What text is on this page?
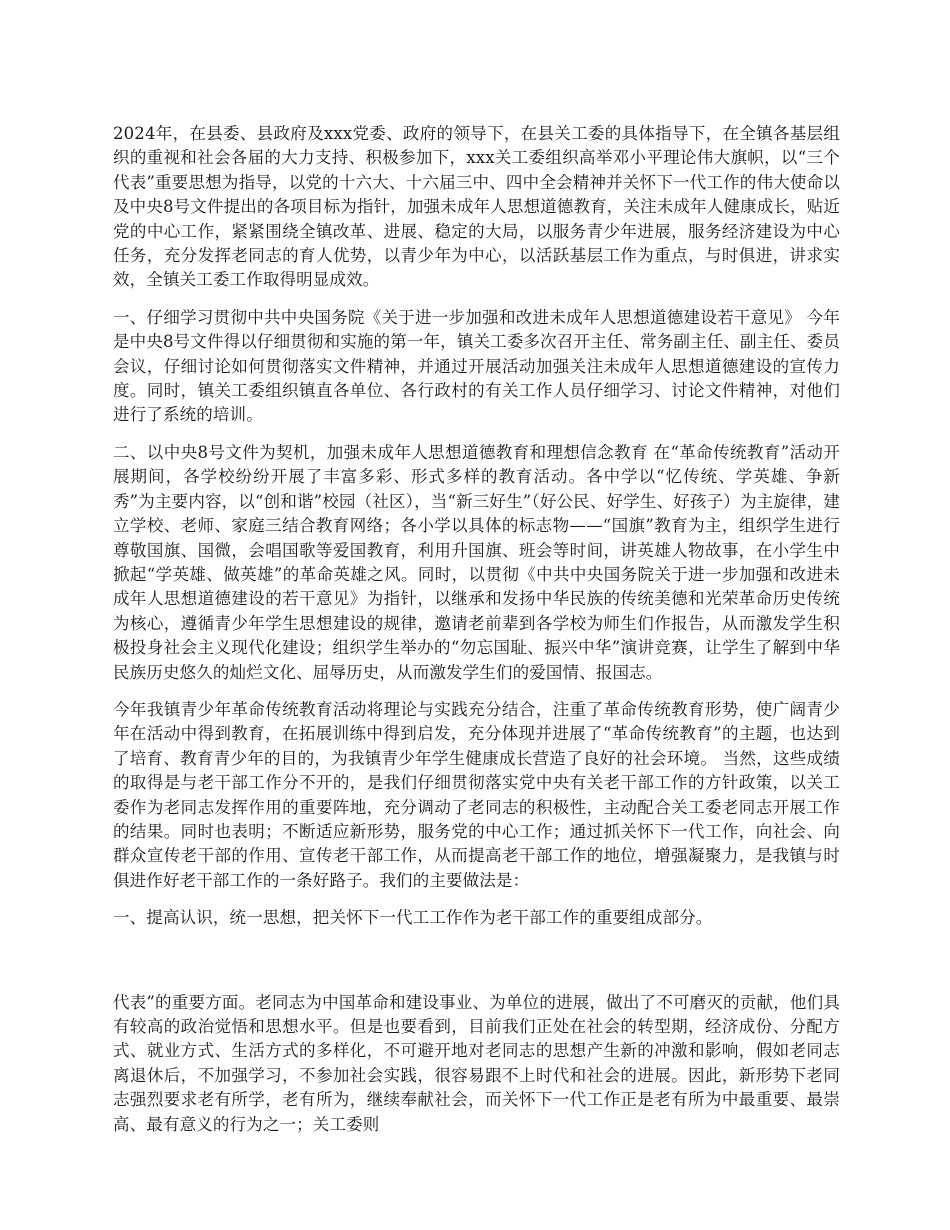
2024年，在县委、县政府及xxx党委、政府的领导下，在县关工委的具体指导下，在全镇各基层组织的重视和社会各届的大力支持、积极参加下，xxx关工委组织高举邓小平理论伟大旗帜，以“三个代表”重要思想为指导，以党的十六大、十六届三中、四中全会精神并关怀下一代工作的伟大使命以及中央8号文件提出的各项目标为指针，加强未成年人思想道德教育，关注未成年人健康成长，贴近党的中心工作，紧紧围绕全镇改革、进展、稳定的大局，以服务青少年进展，服务经济建设为中心任务，充分发挥老同志的育人优势，以青少年为中心，以活跃基层工作为重点，与时俱进，讲求实效，全镇关工委工作取得明显成效。

一、仔细学习贯彻中共中央国务院《关于进一步加强和改进未成年人思想道德建设若干意见》 今年是中央8号文件得以仔细贯彻和实施的第一年，镇关工委多次召开主任、常务副主任、副主任、委员会议，仔细讨论如何贯彻落实文件精神，并通过开展活动加强关注未成年人思想道德建设的宣传力度。同时，镇关工委组织镇直各单位、各行政村的有关工作人员仔细学习、讨论文件精神，对他们进行了系统的培训。

二、以中央8号文件为契机，加强未成年人思想道德教育和理想信念教育 在“革命传统教育”活动开展期间，各学校纷纷开展了丰富多彩、形式多样的教育活动。各中学以“忆传统、学英雄、争新秀”为主要内容，以“创和谐”校园（社区），当“新三好生”（好公民、好学生、好孩子）为主旋律，建立学校、老师、家庭三结合教育网络；各小学以具体的标志物——“国旗”教育为主，组织学生进行尊敬国旗、国微，会唱国歌等爱国教育，利用升国旗、班会等时间，讲英雄人物故事，在小学生中掀起“学英雄、做英雄”的革命英雄之风。同时，以贯彻《中共中央国务院关于进一步加强和改进未成年人思想道德建设的若干意见》为指针，以继承和发扬中华民族的传统美德和光荣革命历史传统为核心，遵循青少年学生思想建设的规律，邀请老前辈到各学校为师生们作报告，从而激发学生积极投身社会主义现代化建设；组织学生举办的“勿忘国耻、振兴中华”演讲竞赛，让学生了解到中华民族历史悠久的灿烂文化、屈辱历史，从而激发学生们的爱国情、报国志。

今年我镇青少年革命传统教育活动将理论与实践充分结合，注重了革命传统教育形势，使广阔青少年在活动中得到教育，在拓展训练中得到启发，充分体现并进展了“革命传统教育”的主题，也达到了培育、教育青少年的目的，为我镇青少年学生健康成长营造了良好的社会环境。 当然，这些成绩的取得是与老干部工作分不开的，是我们仔细贯彻落实党中央有关老干部工作的方针政策，以关工委作为老同志发挥作用的重要阵地，充分调动了老同志的积极性，主动配合关工委老同志开展工作的结果。同时也表明；不断适应新形势，服务党的中心工作；通过抓关怀下一代工作，向社会、向群众宣传老干部的作用、宣传老干部工作，从而提高老干部工作的地位，增强凝聚力，是我镇与时俱进作好老干部工作的一条好路子。我们的主要做法是：

一、提高认识，统一思想，把关怀下一代工工作作为老干部工作的重要组成部分。

代表”的重要方面。老同志为中国革命和建设事业、为单位的进展，做出了不可磨灭的贡献，他们具有较高的政治觉悟和思想水平。但是也要看到，目前我们正处在社会的转型期，经济成份、分配方式、就业方式、生活方式的多样化，不可避开地对老同志的思想产生新的冲激和影响，假如老同志离退休后，不加强学习，不参加社会实践，很容易跟不上时代和社会的进展。因此，新形势下老同志强烈要求老有所学，老有所为，继续奉献社会，而关怀下一代工作正是老有所为中最重要、最崇高、最有意义的行为之一；关工委则
